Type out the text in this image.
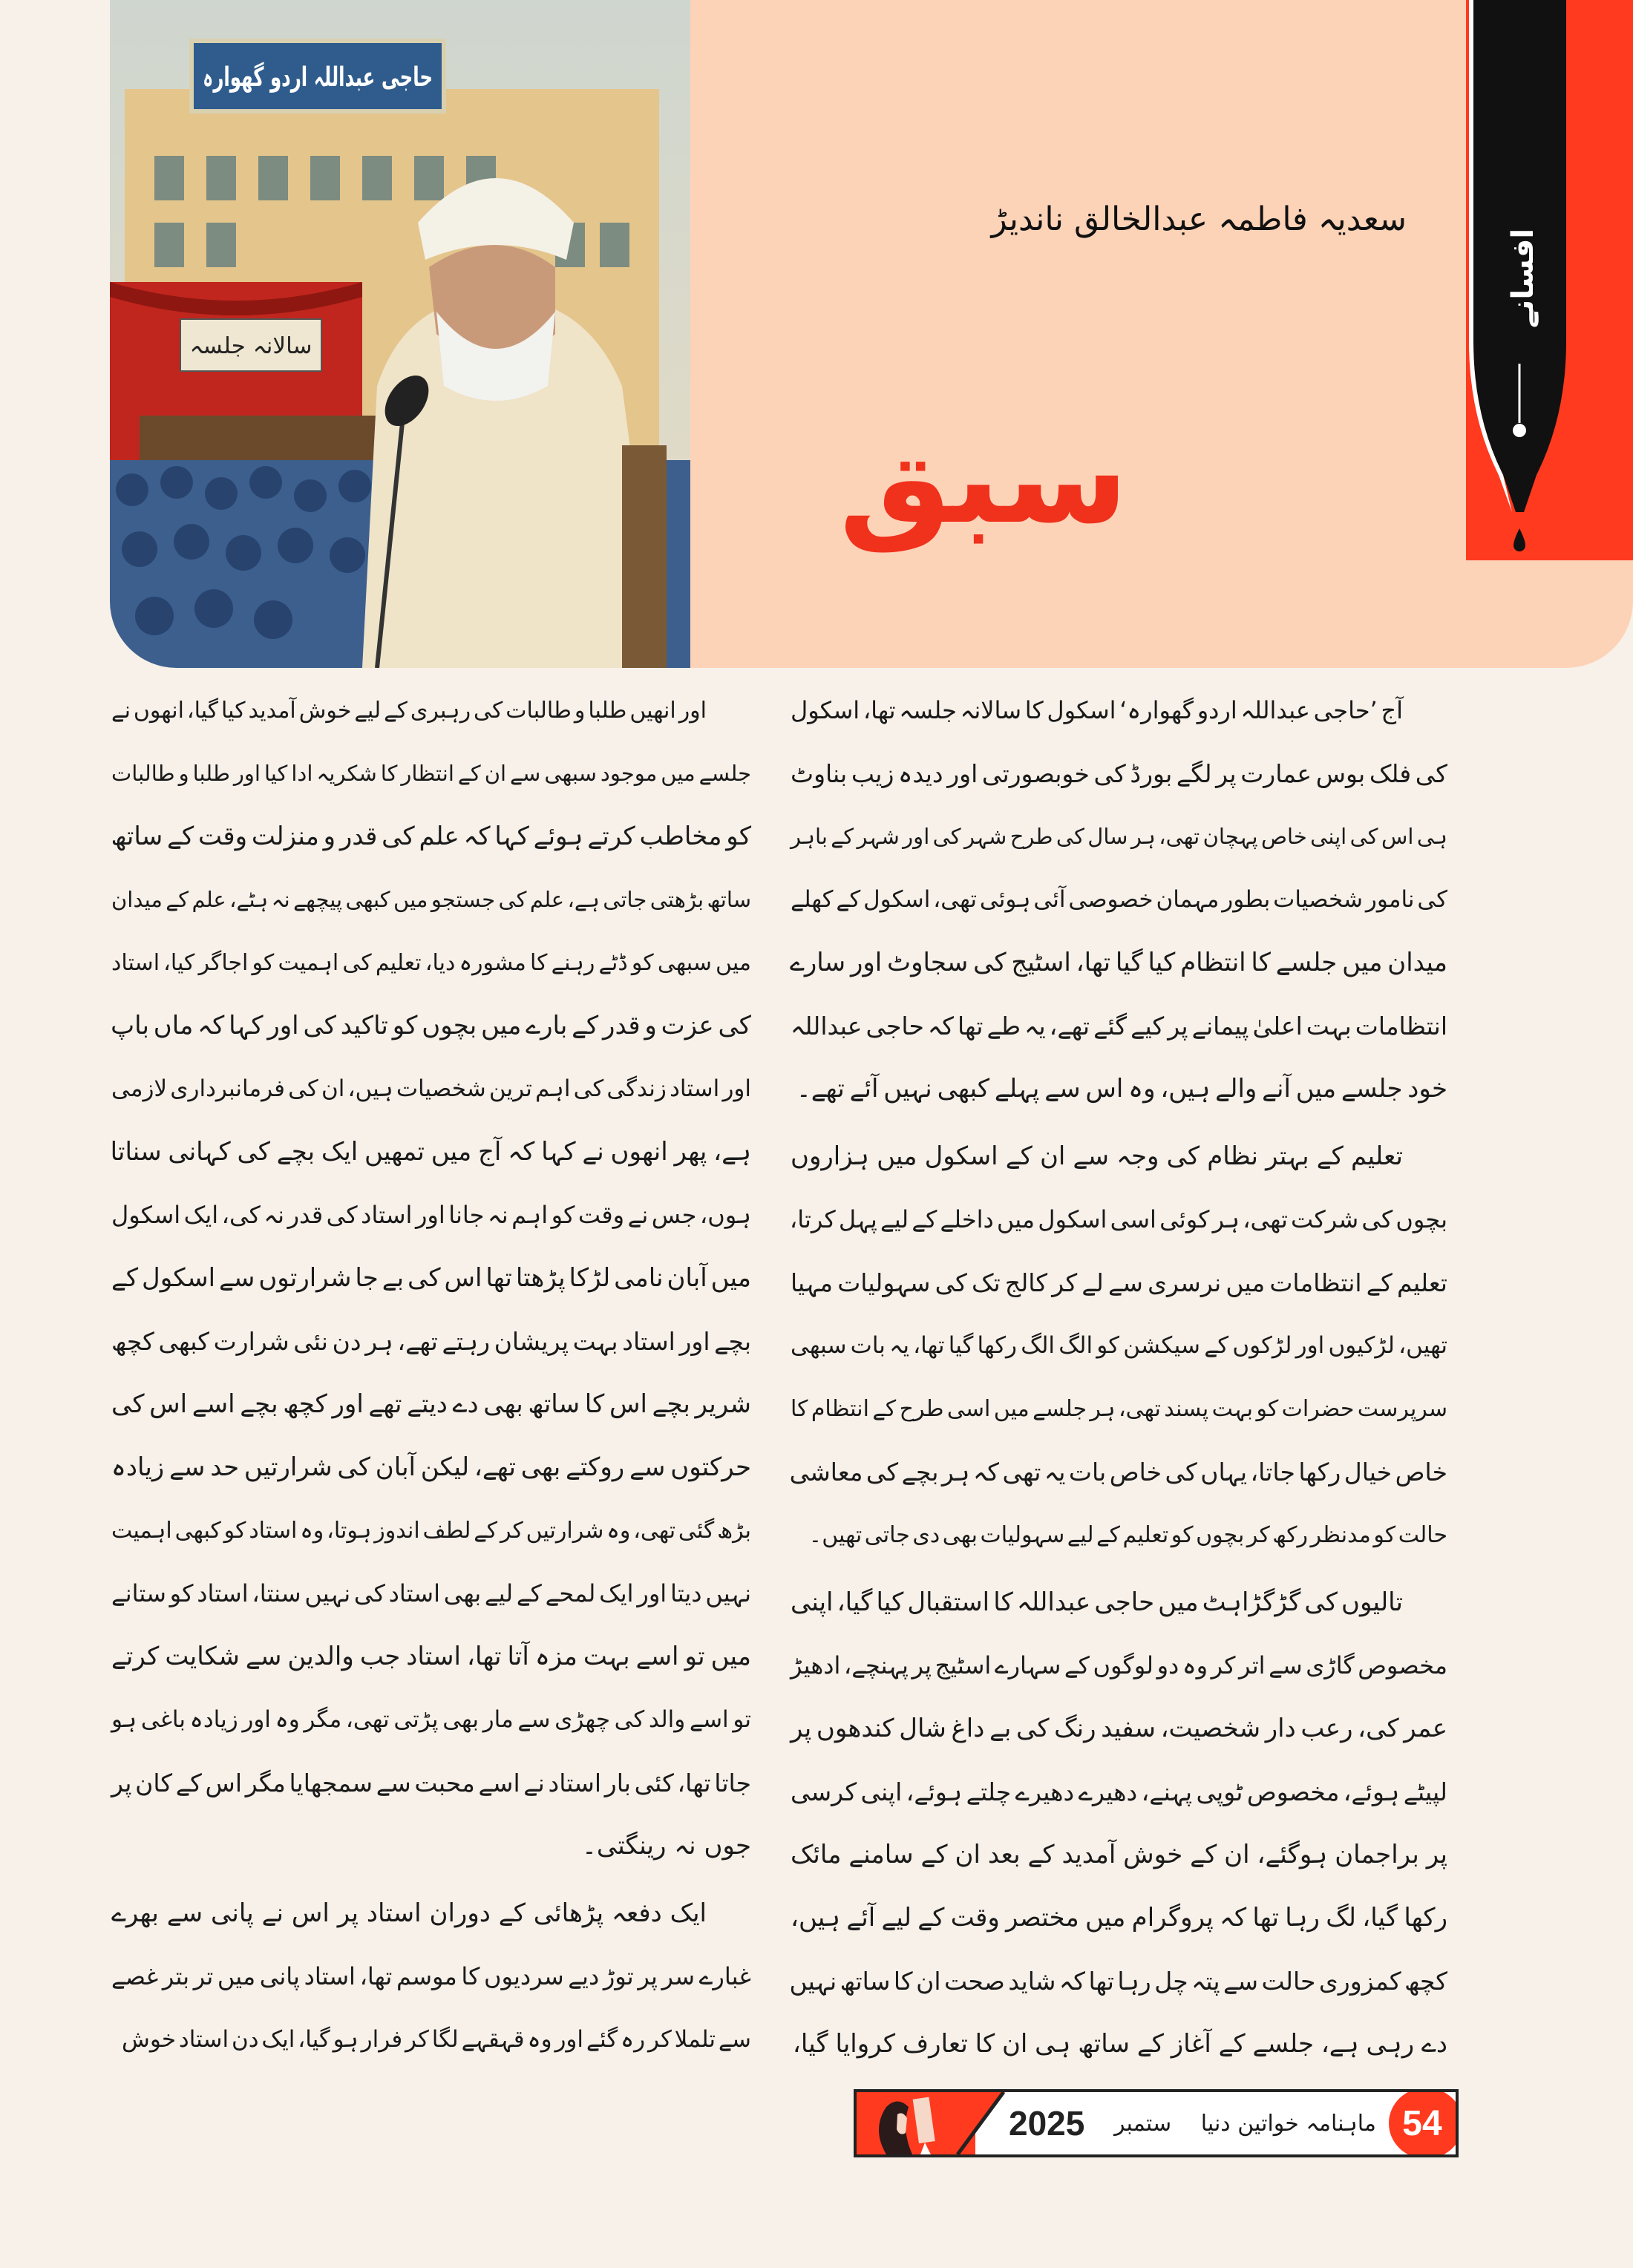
حاجی عبداللہ اردو گھوارہ
سالانہ جلسہ
افسانے
سعدیہ فاطمہ عبدالخالق ناندیڑ
سبق
آج ’حاجی عبداللہ اردو گھوارہ‘ اسکول کا سالانہ جلسہ تھا، اسکول
کی فلک بوس عمارت پر لگے بورڈ کی خوبصورتی اور دیدہ زیب بناوٹ
ہی اس کی اپنی خاص پہچان تھی، ہر سال کی طرح شہر کی اور شہر کے باہر
کی نامور شخصیات بطور مہمان خصوصی آئی ہوئی تھی، اسکول کے کھلے
میدان میں جلسے کا انتظام کیا گیا تھا، اسٹیج کی سجاوٹ اور سارے
انتظامات بہت اعلیٰ پیمانے پر کیے گئے تھے، یہ طے تھا کہ حاجی عبداللہ
خود جلسے میں آنے والے ہیں، وہ اس سے پہلے کبھی نہیں آئے تھے۔
تعلیم کے بہتر نظام کی وجہ سے ان کے اسکول میں ہزاروں
بچوں کی شرکت تھی، ہر کوئی اسی اسکول میں داخلے کے لیے پہل کرتا،
تعلیم کے انتظامات میں نرسری سے لے کر کالج تک کی سہولیات مہیا
تھیں، لڑکیوں اور لڑکوں کے سیکشن کو الگ الگ رکھا گیا تھا، یہ بات سبھی
سرپرست حضرات کو بہت پسند تھی، ہر جلسے میں اسی طرح کے انتظام کا
خاص خیال رکھا جاتا، یہاں کی خاص بات یہ تھی کہ ہر بچے کی معاشی
حالت کو مدنظر رکھ کر بچوں کو تعلیم کے لیے سہولیات بھی دی جاتی تھیں۔
تالیوں کی گڑگڑاہٹ میں حاجی عبداللہ کا استقبال کیا گیا، اپنی
مخصوص گاڑی سے اتر کر وہ دو لوگوں کے سہارے اسٹیج پر پہنچے، ادھیڑ
عمر کی، رعب دار شخصیت، سفید رنگ کی بے داغ شال کندھوں پر
لپیٹے ہوئے، مخصوص ٹوپی پہنے، دھیرے دھیرے چلتے ہوئے، اپنی کرسی
پر براجمان ہوگئے، ان کے خوش آمدید کے بعد ان کے سامنے مائک
رکھا گیا، لگ رہا تھا کہ پروگرام میں مختصر وقت کے لیے آئے ہیں،
کچھ کمزوری حالت سے پتہ چل رہا تھا کہ شاید صحت ان کا ساتھ نہیں
دے رہی ہے، جلسے کے آغاز کے ساتھ ہی ان کا تعارف کروایا گیا،
اور انھیں طلبا و طالبات کی رہبری کے لیے خوش آمدید کیا گیا، انھوں نے
جلسے میں موجود سبھی سے ان کے انتظار کا شکریہ ادا کیا اور طلبا و طالبات
کو مخاطب کرتے ہوئے کہا کہ علم کی قدر و منزلت وقت کے ساتھ
ساتھ بڑھتی جاتی ہے، علم کی جستجو میں کبھی پیچھے نہ ہٹے، علم کے میدان
میں سبھی کو ڈٹے رہنے کا مشورہ دیا، تعلیم کی اہمیت کو اجاگر کیا، استاد
کی عزت و قدر کے بارے میں بچوں کو تاکید کی اور کہا کہ ماں باپ
اور استاد زندگی کی اہم ترین شخصیات ہیں، ان کی فرمانبرداری لازمی
ہے، پھر انھوں نے کہا کہ آج میں تمھیں ایک بچے کی کہانی سناتا
ہوں، جس نے وقت کو اہم نہ جانا اور استاد کی قدر نہ کی، ایک اسکول
میں آبان نامی لڑکا پڑھتا تھا اس کی بے جا شرارتوں سے اسکول کے
بچے اور استاد بہت پریشان رہتے تھے، ہر دن نئی شرارت کبھی کچھ
شریر بچے اس کا ساتھ بھی دے دیتے تھے اور کچھ بچے اسے اس کی
حرکتوں سے روکتے بھی تھے، لیکن آبان کی شرارتیں حد سے زیادہ
بڑھ گئی تھی، وہ شرارتیں کر کے لطف اندوز ہوتا، وہ استاد کو کبھی اہمیت
نہیں دیتا اور ایک لمحے کے لیے بھی استاد کی نہیں سنتا، استاد کو ستانے
میں تو اسے بہت مزہ آتا تھا، استاد جب والدین سے شکایت کرتے
تو اسے والد کی چھڑی سے مار بھی پڑتی تھی، مگر وہ اور زیادہ باغی ہو
جاتا تھا، کئی بار استاد نے اسے محبت سے سمجھایا مگر اس کے کان پر
جوں نہ رینگتی۔
ایک دفعہ پڑھائی کے دوران استاد پر اس نے پانی سے بھرے
غبارے سر پر توڑ دیے سردیوں کا موسم تھا، استاد پانی میں تر بتر غصے
سے تلملا کر رہ گئے اور وہ قہقہے لگا کر فرار ہو گیا، ایک دن استاد خوش
ماہنامہ خواتین دنیا
ستمبر
2025	54
